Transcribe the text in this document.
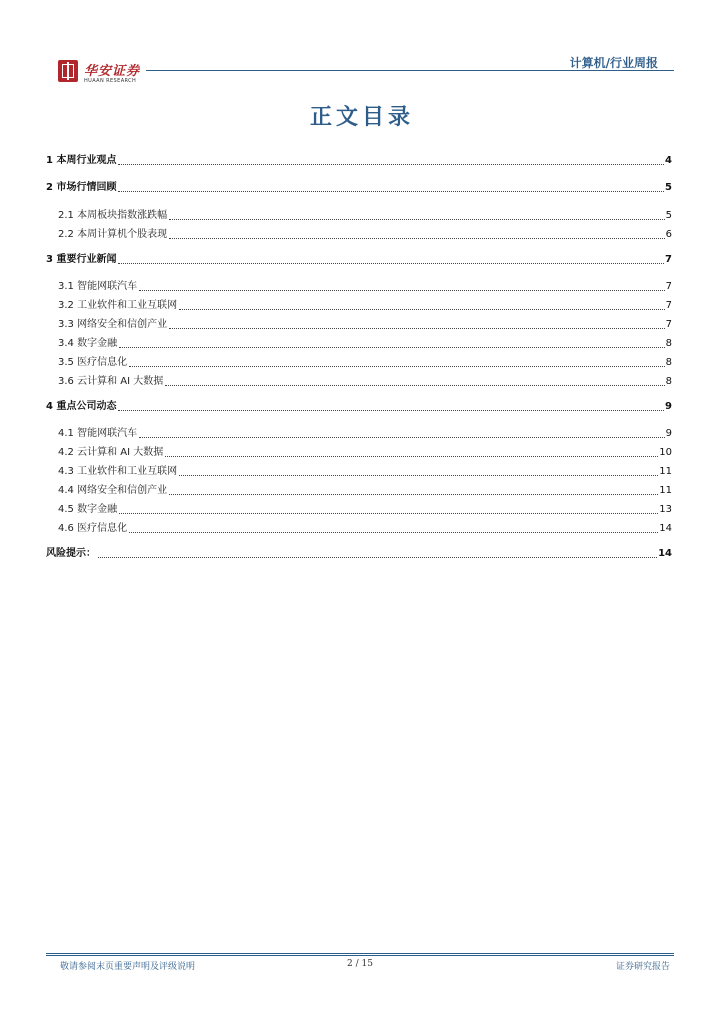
华安证券
HUAAN RESEARCH
计算机/行业周报
正文目录
1 本周行业观点	4
2 市场行情回顾	5
2.1 本周板块指数涨跌幅	5
2.2 本周计算机个股表现	6
3 重要行业新闻	7
3.1 智能网联汽车	7
3.2 工业软件和工业互联网	7
3.3 网络安全和信创产业	7
3.4 数字金融	8
3.5 医疗信息化	8
3.6 云计算和 AI 大数据	8
4 重点公司动态	9
4.1 智能网联汽车	9
4.2 云计算和 AI 大数据	10
4.3 工业软件和工业互联网	11
4.4 网络安全和信创产业	11
4.5 数字金融	13
4.6 医疗信息化	14
风险提示：	14
敬请参阅末页重要声明及评级说明	2 / 15	证券研究报告
